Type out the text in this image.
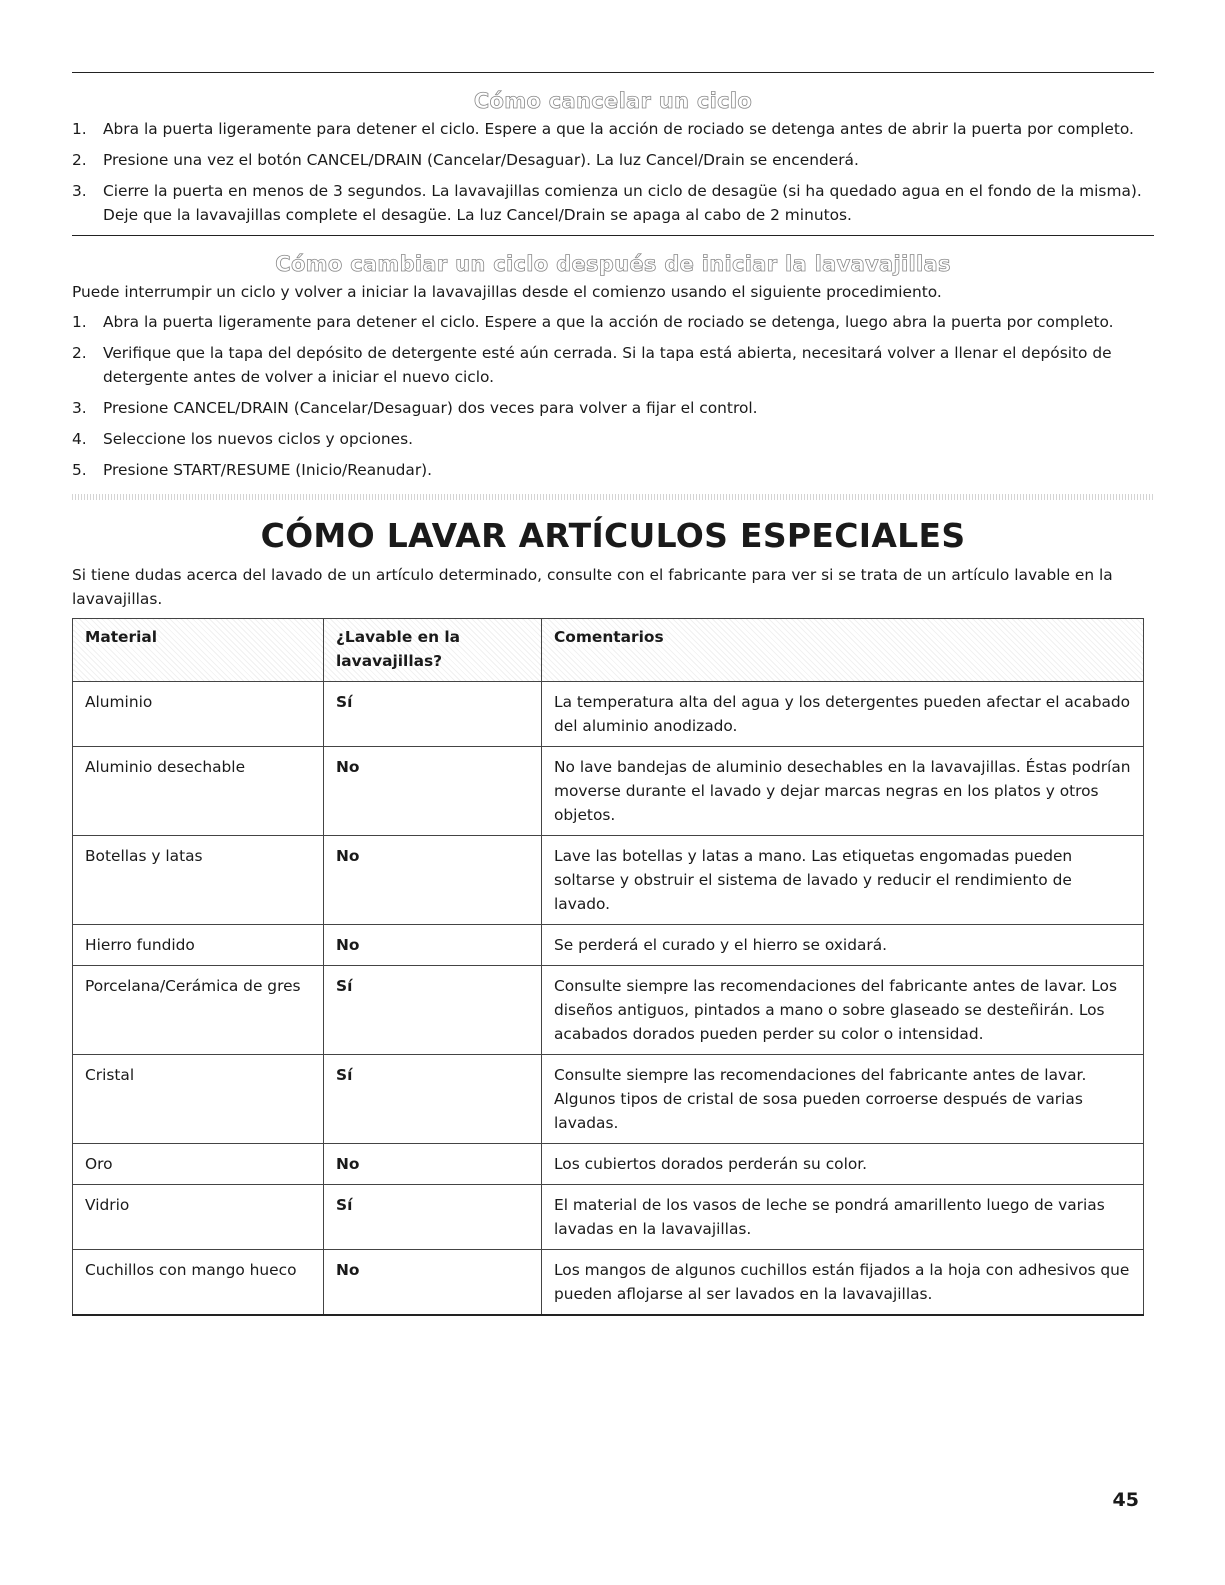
Cómo cancelar un ciclo
1.	Abra la puerta ligeramente para detener el ciclo. Espere a que la acción de rociado se detenga antes de abrir la puerta por completo.
2.	Presione una vez el botón CANCEL/DRAIN (Cancelar/Desaguar). La luz Cancel/Drain se encenderá.
3.	Cierre la puerta en menos de 3 segundos. La lavavajillas comienza un ciclo de desagüe (si ha quedado agua en el fondo de la misma). Deje que la lavavajillas complete el desagüe. La luz Cancel/Drain se apaga al cabo de 2 minutos.
Cómo cambiar un ciclo después de iniciar la lavavajillas
Puede interrumpir un ciclo y volver a iniciar la lavavajillas desde el comienzo usando el siguiente procedimiento.
1.	Abra la puerta ligeramente para detener el ciclo. Espere a que la acción de rociado se detenga, luego abra la puerta por completo.
2.	Verifique que la tapa del depósito de detergente esté aún cerrada. Si la tapa está abierta, necesitará volver a llenar el depósito de detergente antes de volver a iniciar el nuevo ciclo.
3.	Presione CANCEL/DRAIN (Cancelar/Desaguar) dos veces para volver a fijar el control.
4.	Seleccione los nuevos ciclos y opciones.
5.	Presione START/RESUME (Inicio/Reanudar).
CÓMO LAVAR ARTÍCULOS ESPECIALES
Si tiene dudas acerca del lavado de un artículo determinado, consulte con el fabricante para ver si se trata de un artículo lavable en la lavavajillas.
Material	¿Lavable en la lavavajillas?	Comentarios
Aluminio	Sí	La temperatura alta del agua y los detergentes pueden afectar el acabado del aluminio anodizado.
Aluminio desechable	No	No lave bandejas de aluminio desechables en la lavavajillas. Éstas podrían moverse durante el lavado y dejar marcas negras en los platos y otros objetos.
Botellas y latas	No	Lave las botellas y latas a mano. Las etiquetas engomadas pueden soltarse y obstruir el sistema de lavado y reducir el rendimiento de lavado.
Hierro fundido	No	Se perderá el curado y el hierro se oxidará.
Porcelana/Cerámica de gres	Sí	Consulte siempre las recomendaciones del fabricante antes de lavar. Los diseños antiguos, pintados a mano o sobre glaseado se desteñirán. Los acabados dorados pueden perder su color o intensidad.
Cristal	Sí	Consulte siempre las recomendaciones del fabricante antes de lavar. Algunos tipos de cristal de sosa pueden corroerse después de varias lavadas.
Oro	No	Los cubiertos dorados perderán su color.
Vidrio	Sí	El material de los vasos de leche se pondrá amarillento luego de varias lavadas en la lavavajillas.
Cuchillos con mango hueco	No	Los mangos de algunos cuchillos están fijados a la hoja con adhesivos que pueden aflojarse al ser lavados en la lavavajillas.
45
